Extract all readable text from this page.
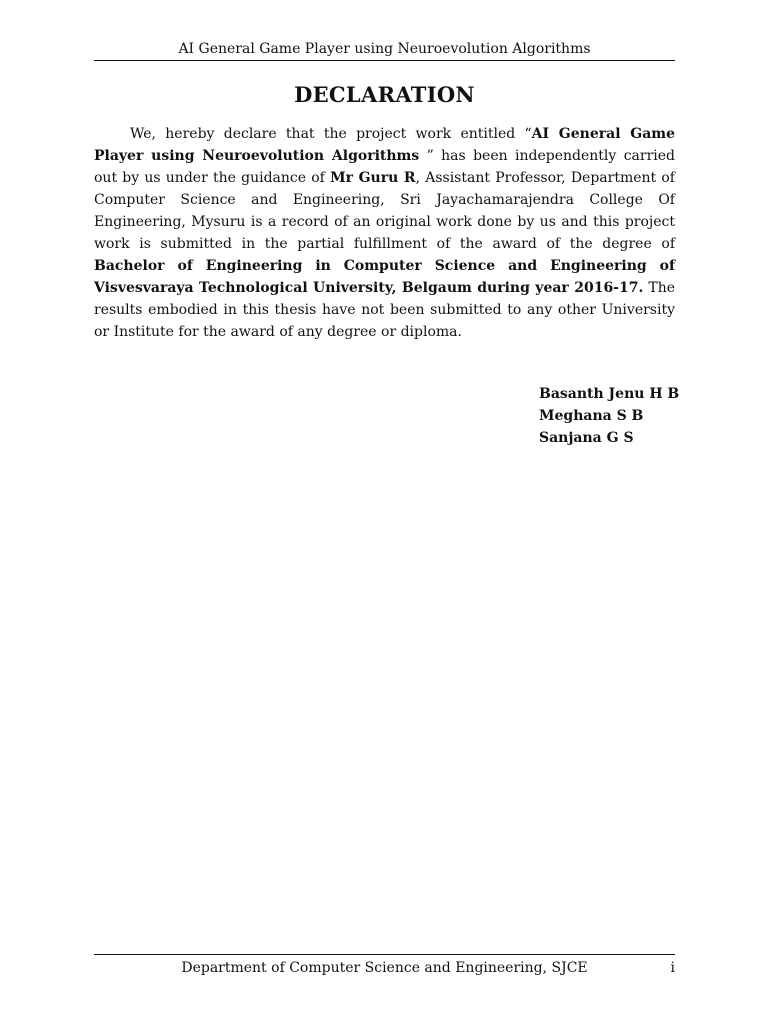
AI General Game Player using Neuroevolution Algorithms
DECLARATION

We, hereby declare that the project work entitled “AI General Game Player using Neuroevolution Algorithms ” has been independently carried out by us under the guidance of Mr Guru R, Assistant Professor, Department of Computer Science and Engineering, Sri Jayachamarajendra College Of Engineering, Mysuru is a record of an original work done by us and this project work is submitted in the partial fulfillment of the award of the degree of Bachelor of Engineering in Computer Science and Engineering of Visvesvaraya Technological University, Belgaum during year 2016-17. The results embodied in this thesis have not been submitted to any other University or Institute for the award of any degree or diploma.

Basanth Jenu H B
Meghana S B
Sanjana G S
Department of Computer Science and Engineering, SJCE	i
